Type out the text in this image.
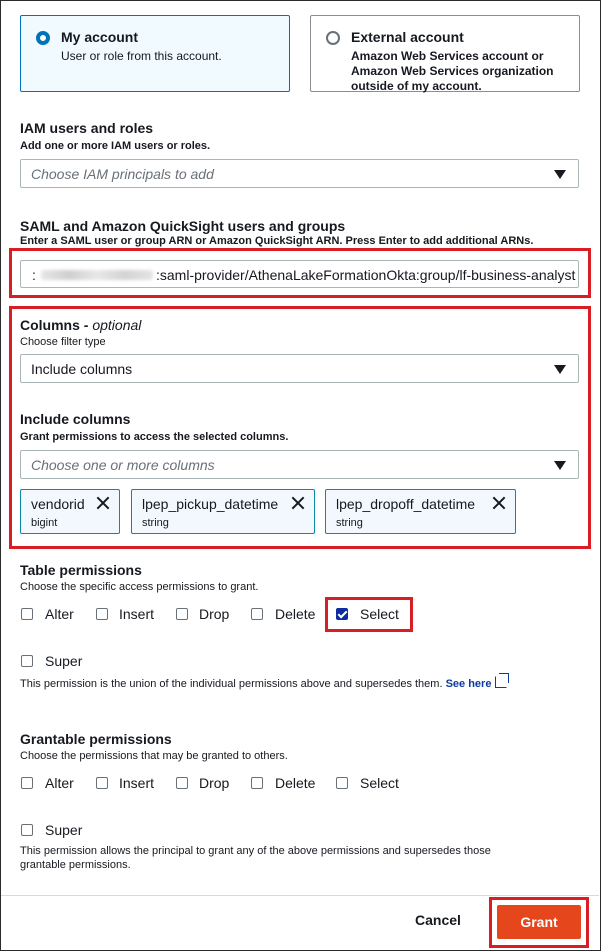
My account
User or role from this account.
External account
Amazon Web Services account or
Amazon Web Services organization
outside of my account.
IAM users and roles
Add one or more IAM users or roles.
Choose IAM principals to add
SAML and Amazon QuickSight users and groups
Enter a SAML user or group ARN or Amazon QuickSight ARN. Press Enter to add additional ARNs.
:	:saml-provider/AthenaLakeFormationOkta:group/lf-business-analyst
Columns - optional
Choose filter type
Include columns
Include columns
Grant permissions to access the selected columns.
Choose one or more columns
vendorid
bigint
lpep_pickup_datetime
string
lpep_dropoff_datetime
string
Table permissions
Choose the specific access permissions to grant.
Alter	Insert	Drop	Delete	Select
Super
This permission is the union of the individual permissions above and supersedes them. See here
Grantable permissions
Choose the permissions that may be granted to others.
Alter	Insert	Drop	Delete	Select
Super
This permission allows the principal to grant any of the above permissions and supersedes those
grantable permissions.
Cancel	Grant
